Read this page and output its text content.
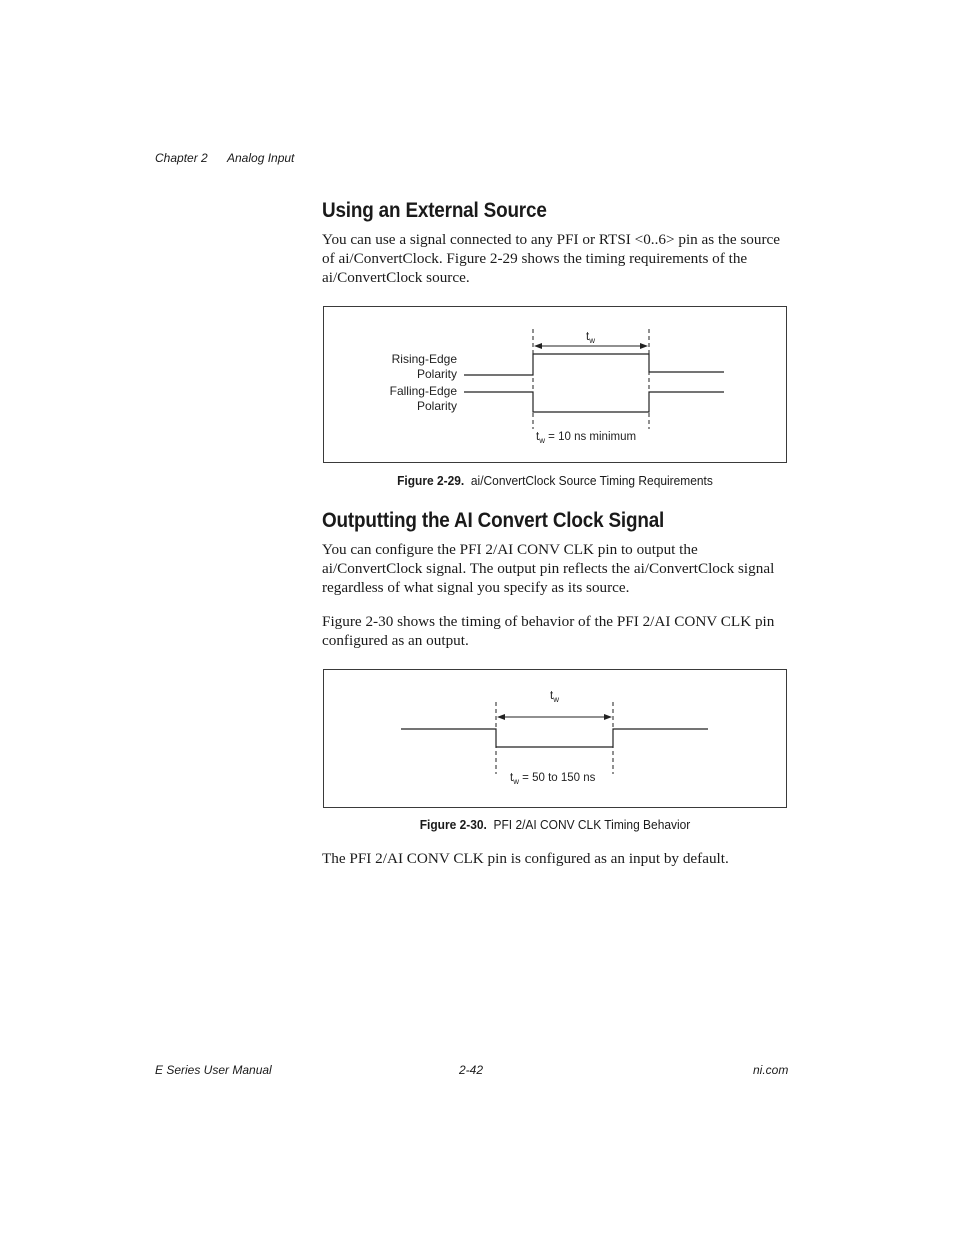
Chapter 2 Analog Input
Using an External Source

You can use a signal connected to any PFI or RTSI <0..6> pin as the source of ai/ConvertClock. Figure 2-29 shows the timing requirements of the ai/ConvertClock source.

$t_w$
Rising-Edge
Polarity
Falling-Edge
Polarity
$t_w = 10$ ns minimum
Figure 2-29. ai/ConvertClock Source Timing Requirements
Outputting the AI Convert Clock Signal

You can configure the PFI 2/AI CONV CLK pin to output the ai/ConvertClock signal. The output pin reflects the ai/ConvertClock signal regardless of what signal you specify as its source.

Figure 2-30 shows the timing of behavior of the PFI 2/AI CONV CLK pin configured as an output.

$t_w$
$t_w = 50$ to 150 ns
Figure 2-30. PFI 2/AI CONV CLK Timing Behavior

The PFI 2/AI CONV CLK pin is configured as an input by default.

E Series User Manual	2-42	ni.com
